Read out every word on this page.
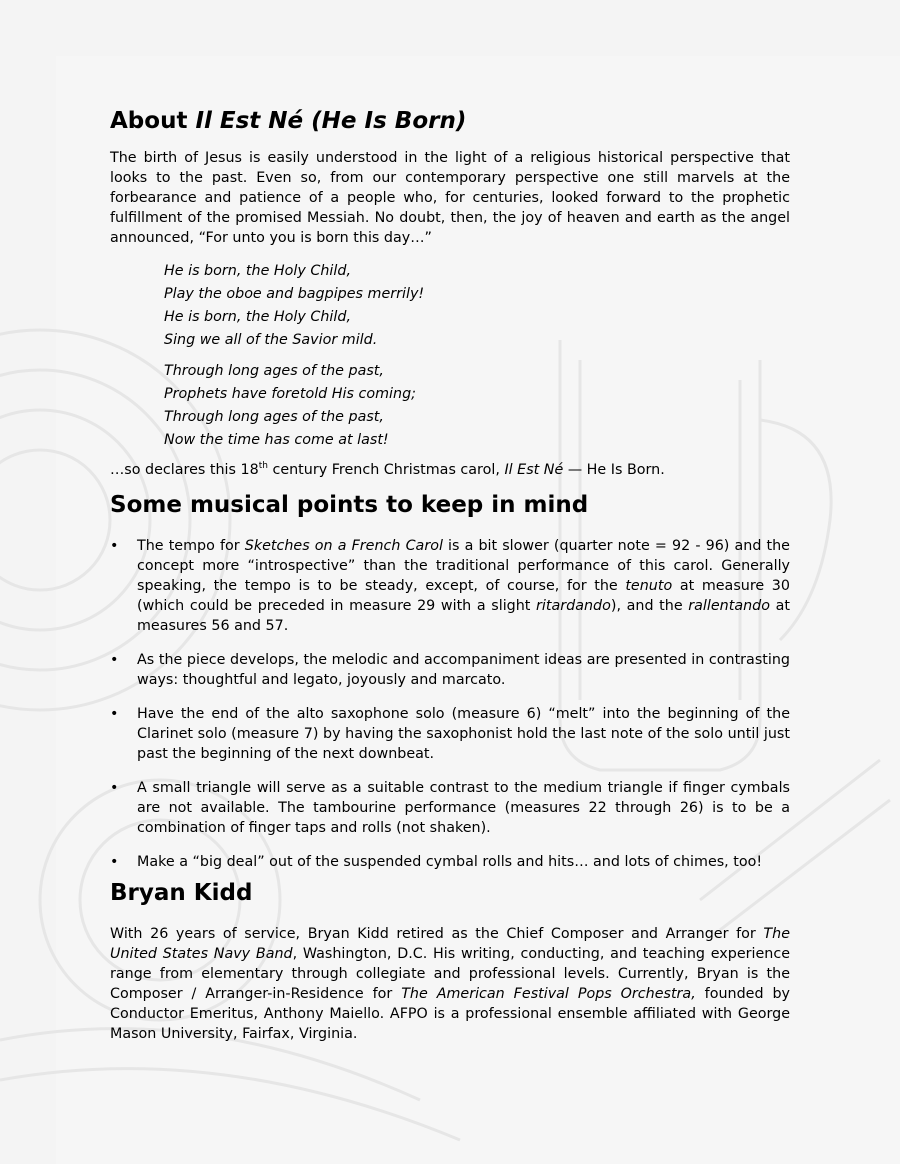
About Il Est Né (He Is Born)

The birth of Jesus is easily understood in the light of a religious historical perspective that looks to the past. Even so, from our contemporary perspective one still marvels at the forbearance and patience of a people who, for centuries, looked forward to the prophetic fulfillment of the promised Messiah. No doubt, then, the joy of heaven and earth as the angel announced, “For unto you is born this day…”

He is born, the Holy Child,
Play the oboe and bagpipes merrily!
He is born, the Holy Child,
Sing we all of the Savior mild.
Through long ages of the past,
Prophets have foretold His coming;
Through long ages of the past,
Now the time has come at last!

…so declares this 18th century French Christmas carol, Il Est Né — He Is Born.

Some musical points to keep in mind
• The tempo for Sketches on a French Carol is a bit slower (quarter note = 92 - 96) and the concept more “introspective” than the traditional performance of this carol. Generally speaking, the tempo is to be steady, except, of course, for the tenuto at measure 30 (which could be preceded in measure 29 with a slight ritardando), and the rallentando at measures 56 and 57.
• As the piece develops, the melodic and accompaniment ideas are presented in contrasting ways: thoughtful and legato, joyously and marcato.
• Have the end of the alto saxophone solo (measure 6) “melt” into the beginning of the Clarinet solo (measure 7) by having the saxophonist hold the last note of the solo until just past the beginning of the next downbeat.
• A small triangle will serve as a suitable contrast to the medium triangle if finger cymbals are not available. The tambourine performance (measures 22 through 26) is to be a combination of finger taps and rolls (not shaken).
• Make a “big deal” out of the suspended cymbal rolls and hits… and lots of chimes, too!
Bryan Kidd

With 26 years of service, Bryan Kidd retired as the Chief Composer and Arranger for The United States Navy Band, Washington, D.C. His writing, conducting, and teaching experience range from elementary through collegiate and professional levels. Currently, Bryan is the Composer / Arranger-in-Residence for The American Festival Pops Orchestra, founded by Conductor Emeritus, Anthony Maiello. AFPO is a professional ensemble affiliated with George Mason University, Fairfax, Virginia.
